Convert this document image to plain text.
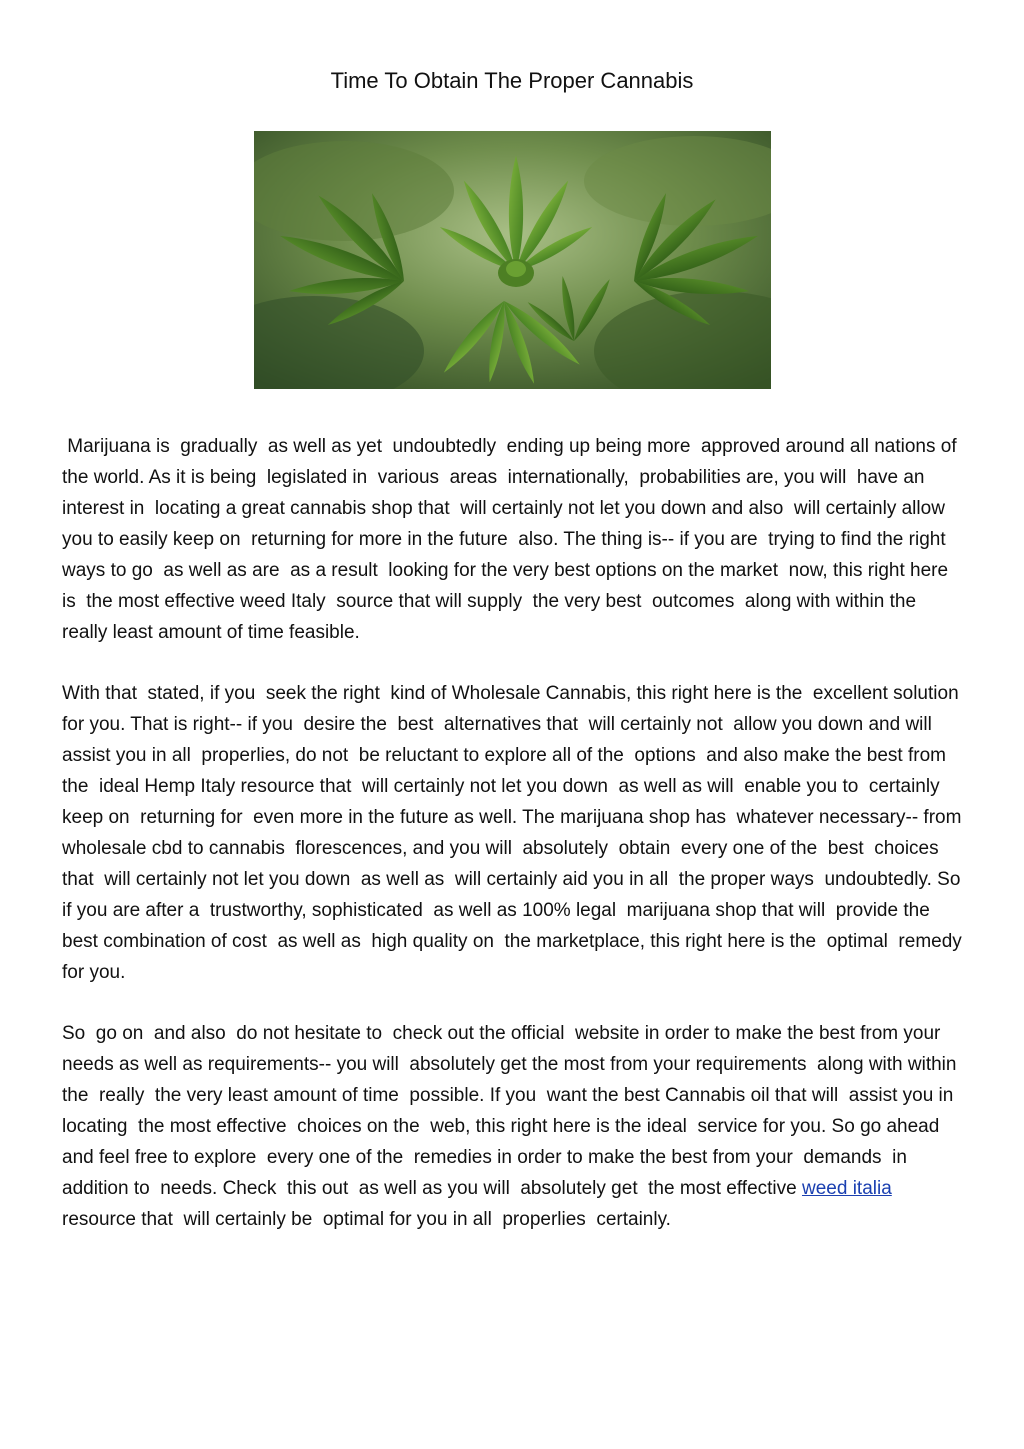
Time To Obtain The Proper Cannabis

Marijuana is  gradually  as well as yet  undoubtedly  ending up being more  approved around all nations of the world. As it is being  legislated in  various  areas  internationally,  probabilities are, you will  have an interest in  locating a great cannabis shop that  will certainly not let you down and also  will certainly allow you to easily keep on  returning for more in the future  also. The thing is-- if you are  trying to find the right ways to go  as well as are  as a result  looking for the very best options on the market  now, this right here is  the most effective weed Italy  source that will supply  the very best  outcomes  along with within the  really least amount of time feasible.

With that  stated, if you  seek the right  kind of Wholesale Cannabis, this right here is the  excellent solution for you. That is right-- if you  desire the  best  alternatives that  will certainly not  allow you down and will  assist you in all  properlies, do not  be reluctant to explore all of the  options  and also make the best from the  ideal Hemp Italy resource that  will certainly not let you down  as well as will  enable you to  certainly keep on  returning for  even more in the future as well. The marijuana shop has  whatever necessary-- from wholesale cbd to cannabis  florescences, and you will  absolutely  obtain  every one of the  best  choices that  will certainly not let you down  as well as  will certainly aid you in all  the proper ways  undoubtedly. So if you are after a  trustworthy, sophisticated  as well as 100% legal  marijuana shop that will  provide the best combination of cost  as well as  high quality on  the marketplace, this right here is the  optimal  remedy for you.

So  go on  and also  do not hesitate to  check out the official  website in order to make the best from your needs as well as requirements-- you will  absolutely get the most from your requirements  along with within the  really  the very least amount of time  possible. If you  want the best Cannabis oil that will  assist you in  locating  the most effective  choices on the  web, this right here is the ideal  service for you. So go ahead and feel free to explore  every one of the  remedies in order to make the best from your  demands  in addition to  needs. Check  this out  as well as you will  absolutely get  the most effective weed italia resource that  will certainly be  optimal for you in all  properlies  certainly.
